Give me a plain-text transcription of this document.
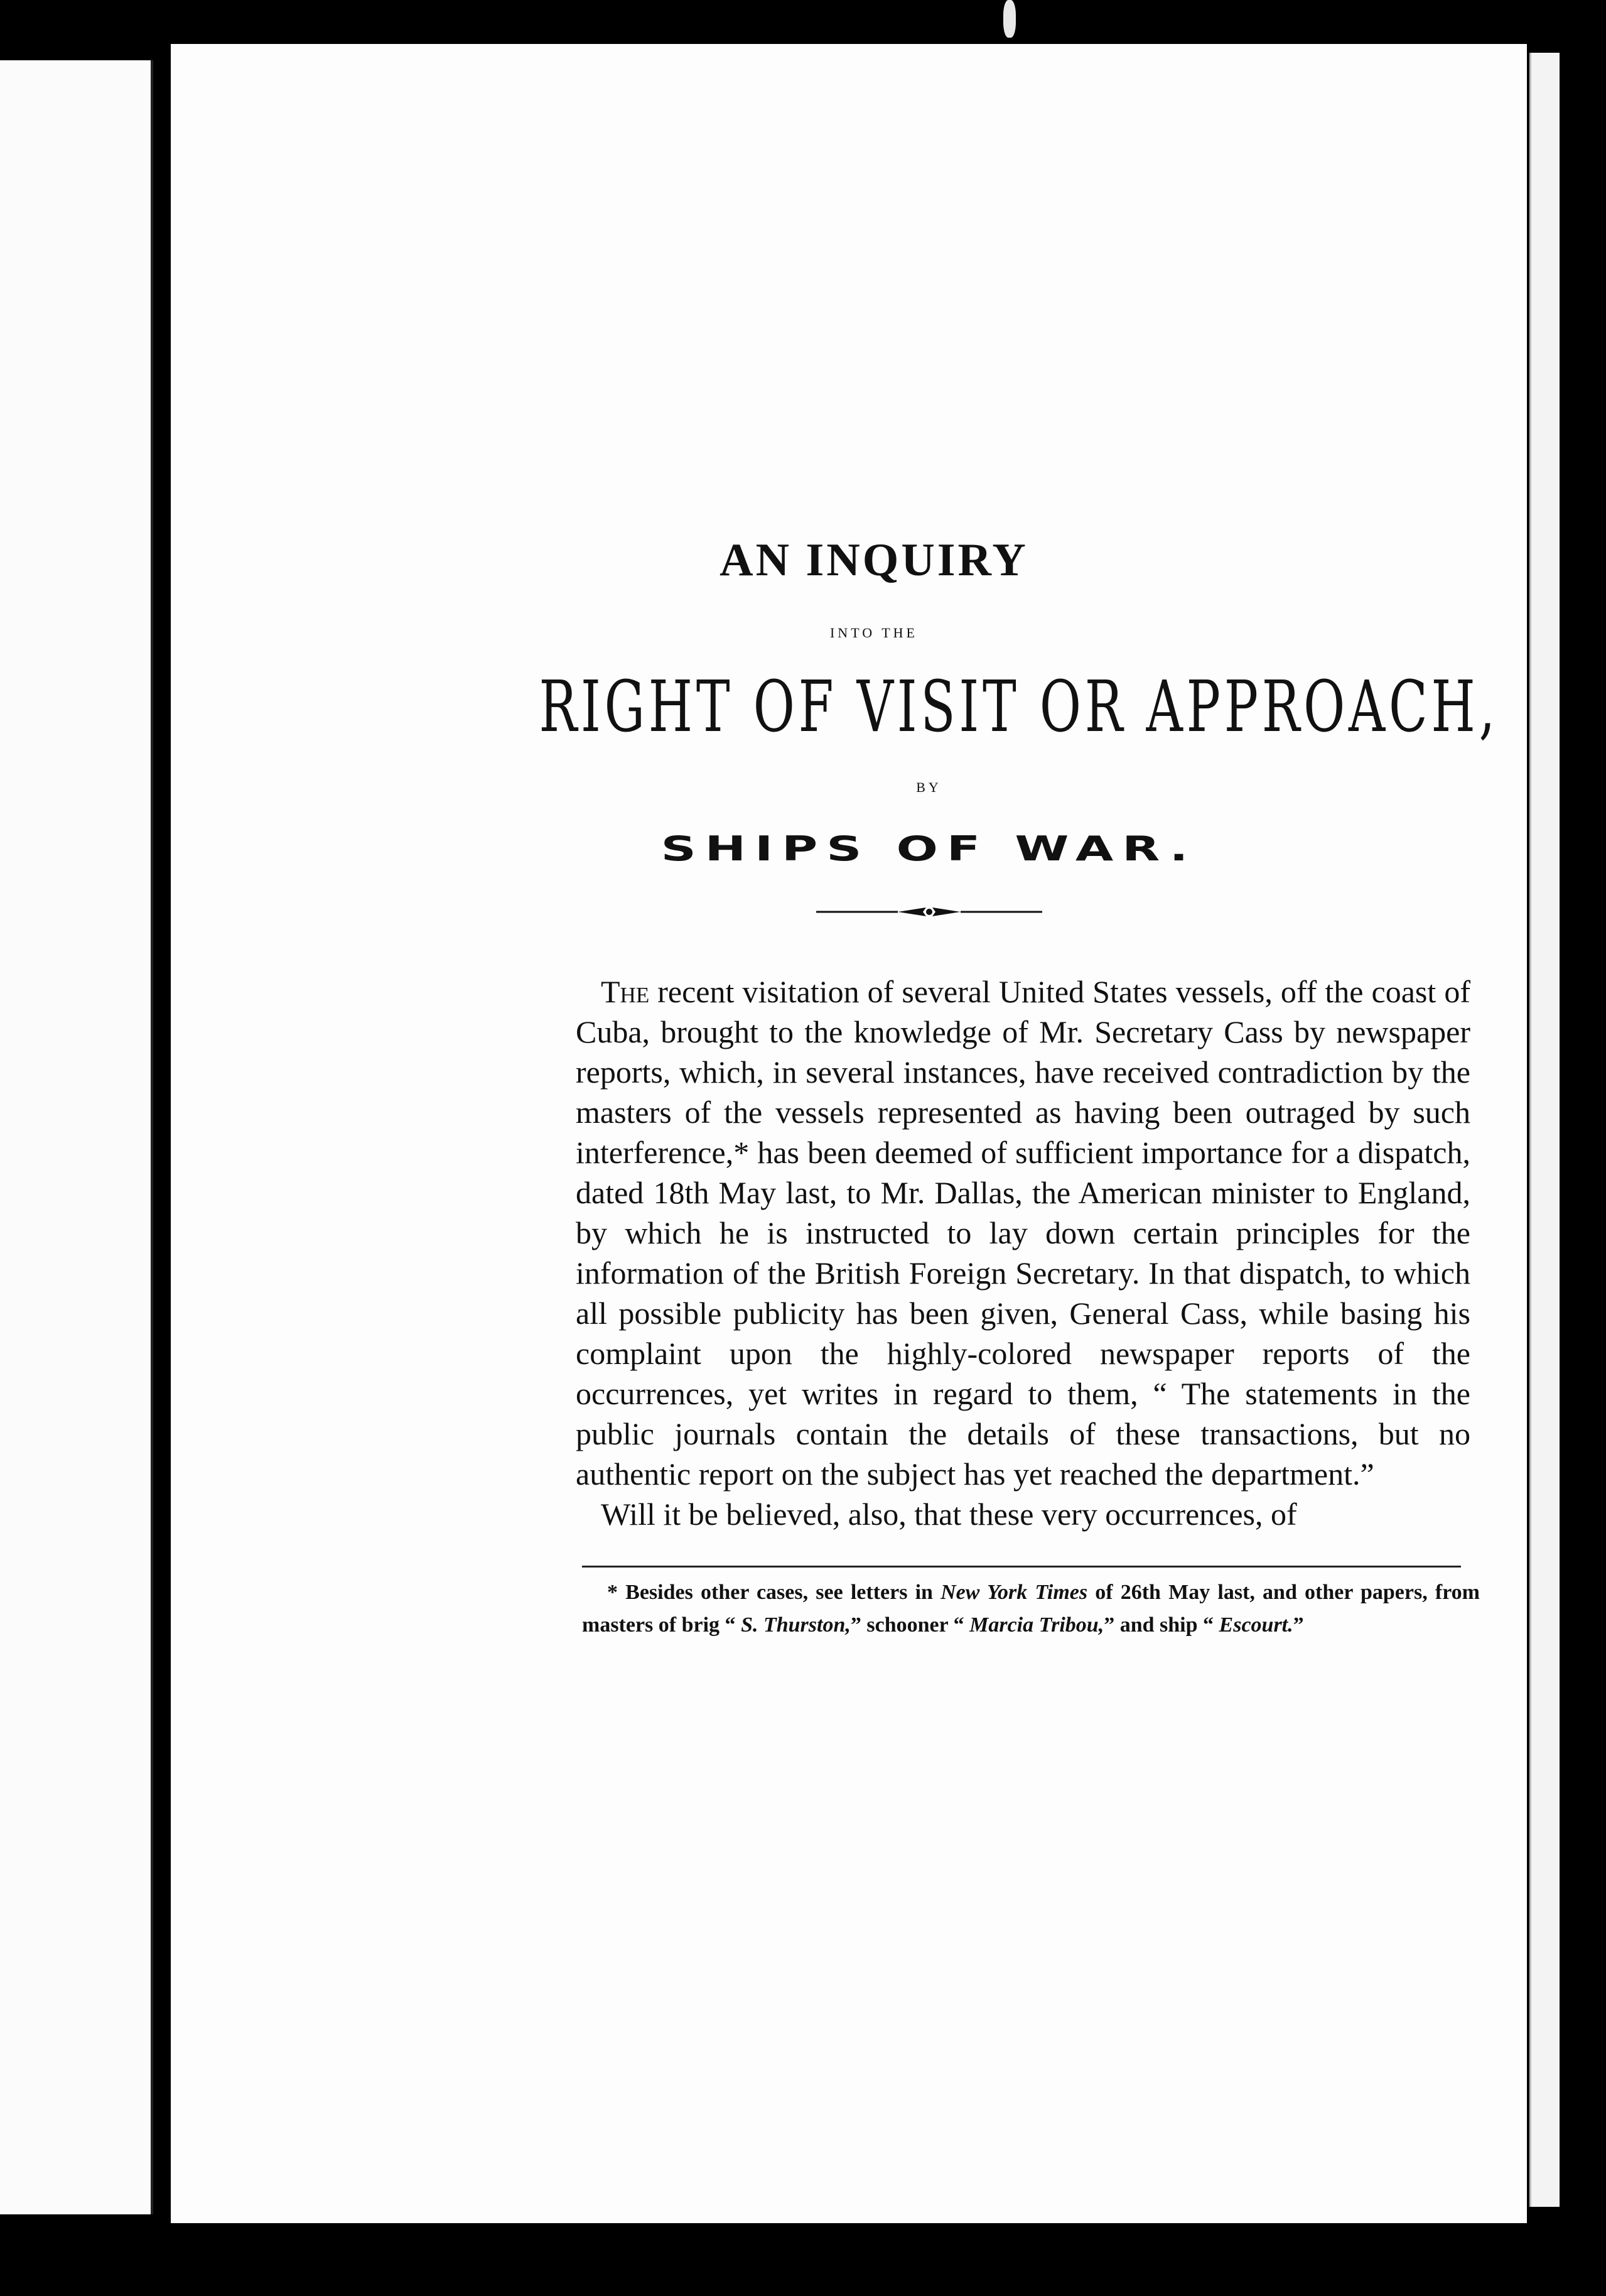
AN INQUIRY
INTO THE
RIGHT OF VISIT OR APPROACH,
BY
SHIPS OF WAR.

The recent visitation of several United States vessels, off the coast of Cuba, brought to the knowledge of Mr. Secretary Cass by newspaper reports, which, in several instances, have received contradiction by the masters of the vessels represented as having been outraged by such interference,* has been deemed of sufficient importance for a dispatch, dated 18th May last, to Mr. Dallas, the American minister to England, by which he is instructed to lay down certain principles for the information of the British Foreign Secretary. In that dispatch, to which all possible publicity has been given, General Cass, while basing his complaint upon the highly-colored newspaper reports of the occurrences, yet writes in regard to them, “ The statements in the public journals contain the details of these transactions, but no authentic report on the subject has yet reached the department.”

Will it be believed, also, that these very occurrences, of

* Besides other cases, see letters in New York Times of 26th May last, and other papers, from masters of brig “ S. Thurston,” schooner “ Marcia Tribou,” and ship “ Escourt.”
